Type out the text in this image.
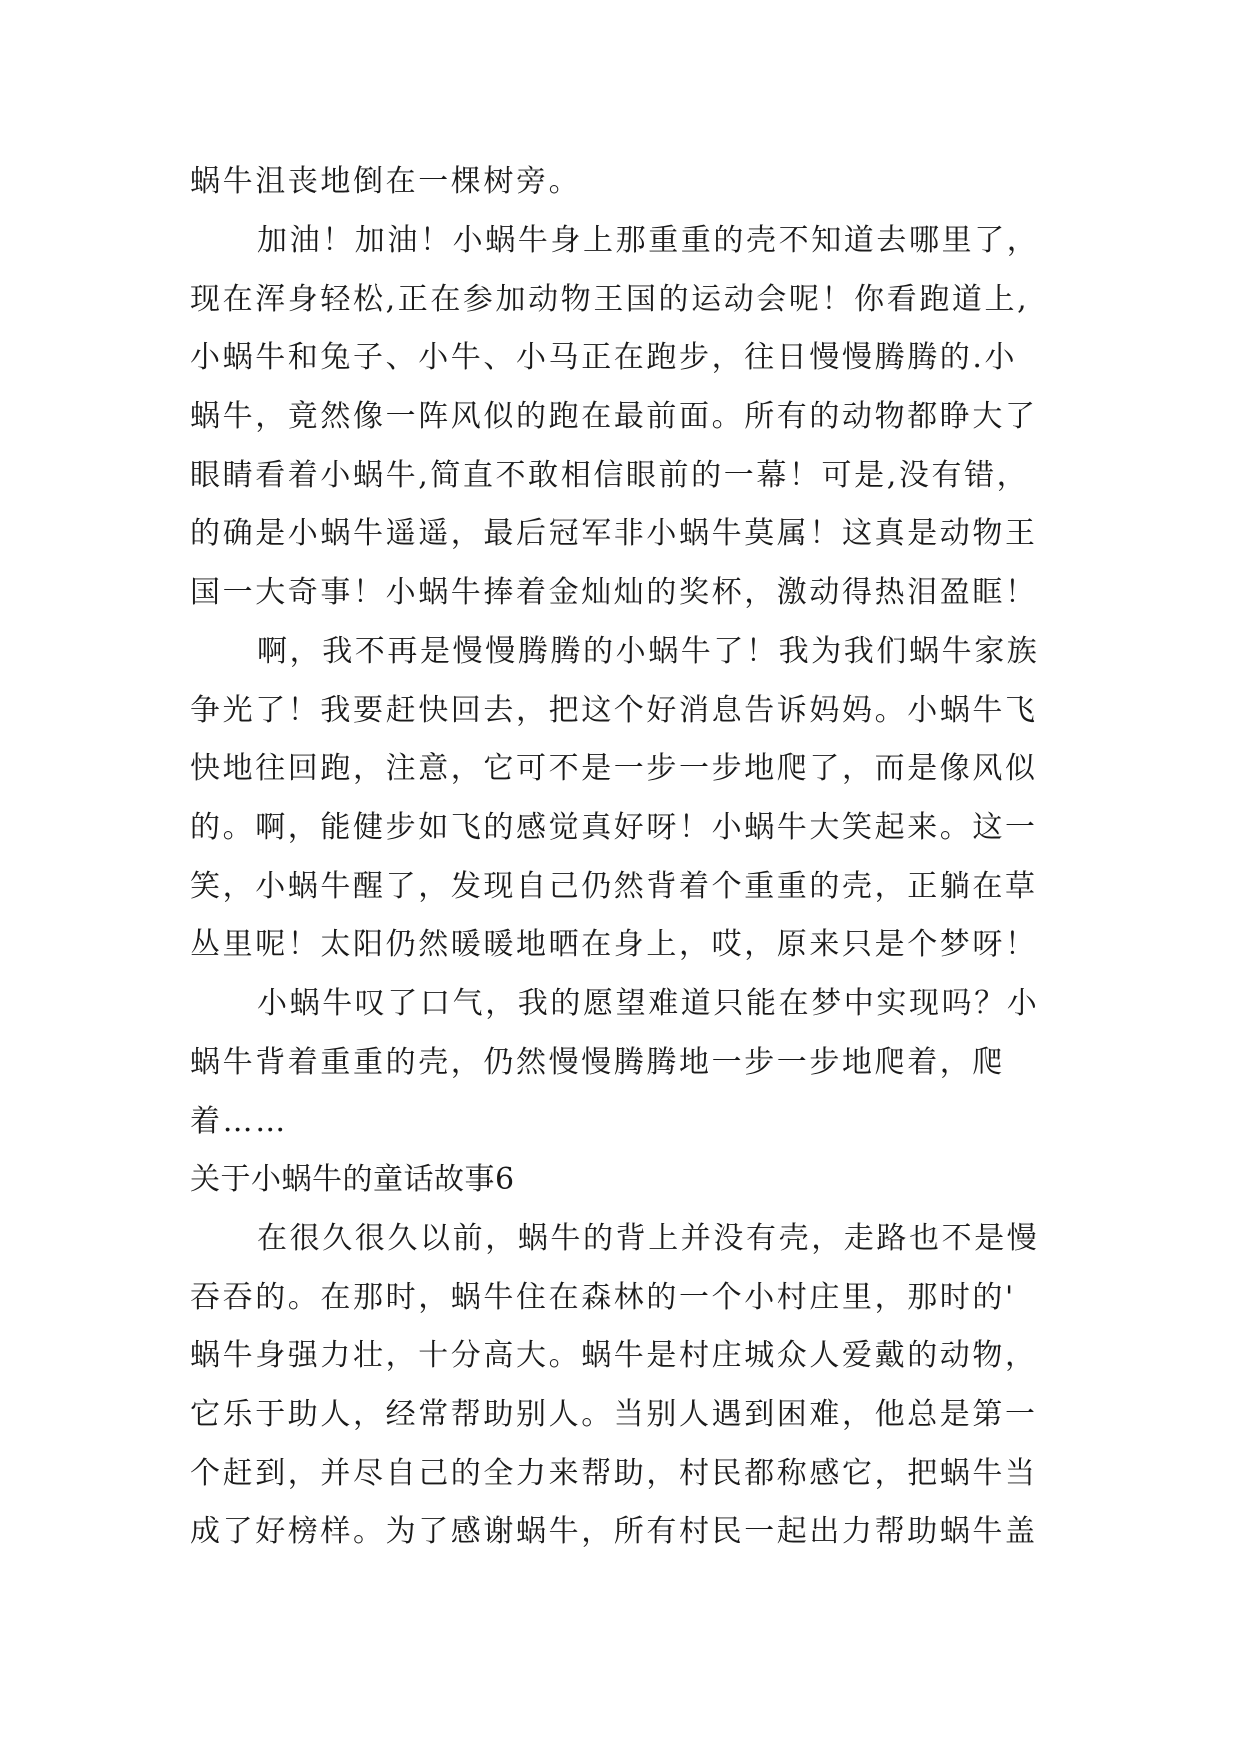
蜗牛沮丧地倒在一棵树旁。
加油！加油！小蜗牛身上那重重的壳不知道去哪里了，
现在浑身轻松,正在参加动物王国的运动会呢！你看跑道上,
小蜗牛和兔子、小牛、小马正在跑步，往日慢慢腾腾的.小
蜗牛，竟然像一阵风似的跑在最前面。所有的动物都睁大了
眼睛看着小蜗牛,简直不敢相信眼前的一幕！可是,没有错，
的确是小蜗牛遥遥，最后冠军非小蜗牛莫属！这真是动物王
国一大奇事！小蜗牛捧着金灿灿的奖杯，激动得热泪盈眶！
啊，我不再是慢慢腾腾的小蜗牛了！我为我们蜗牛家族
争光了！我要赶快回去，把这个好消息告诉妈妈。小蜗牛飞
快地往回跑，注意，它可不是一步一步地爬了，而是像风似
的。啊，能健步如飞的感觉真好呀！小蜗牛大笑起来。这一
笑，小蜗牛醒了，发现自己仍然背着个重重的壳，正躺在草
丛里呢！太阳仍然暖暖地晒在身上，哎，原来只是个梦呀！
小蜗牛叹了口气，我的愿望难道只能在梦中实现吗？小
蜗牛背着重重的壳，仍然慢慢腾腾地一步一步地爬着，爬
着……
关于小蜗牛的童话故事6
在很久很久以前，蜗牛的背上并没有壳，走路也不是慢
吞吞的。在那时，蜗牛住在森林的一个小村庄里，那时的'
蜗牛身强力壮，十分高大。蜗牛是村庄城众人爱戴的动物，
它乐于助人，经常帮助别人。当别人遇到困难，他总是第一
个赶到，并尽自己的全力来帮助，村民都称感它，把蜗牛当
成了好榜样。为了感谢蜗牛，所有村民一起出力帮助蜗牛盖
